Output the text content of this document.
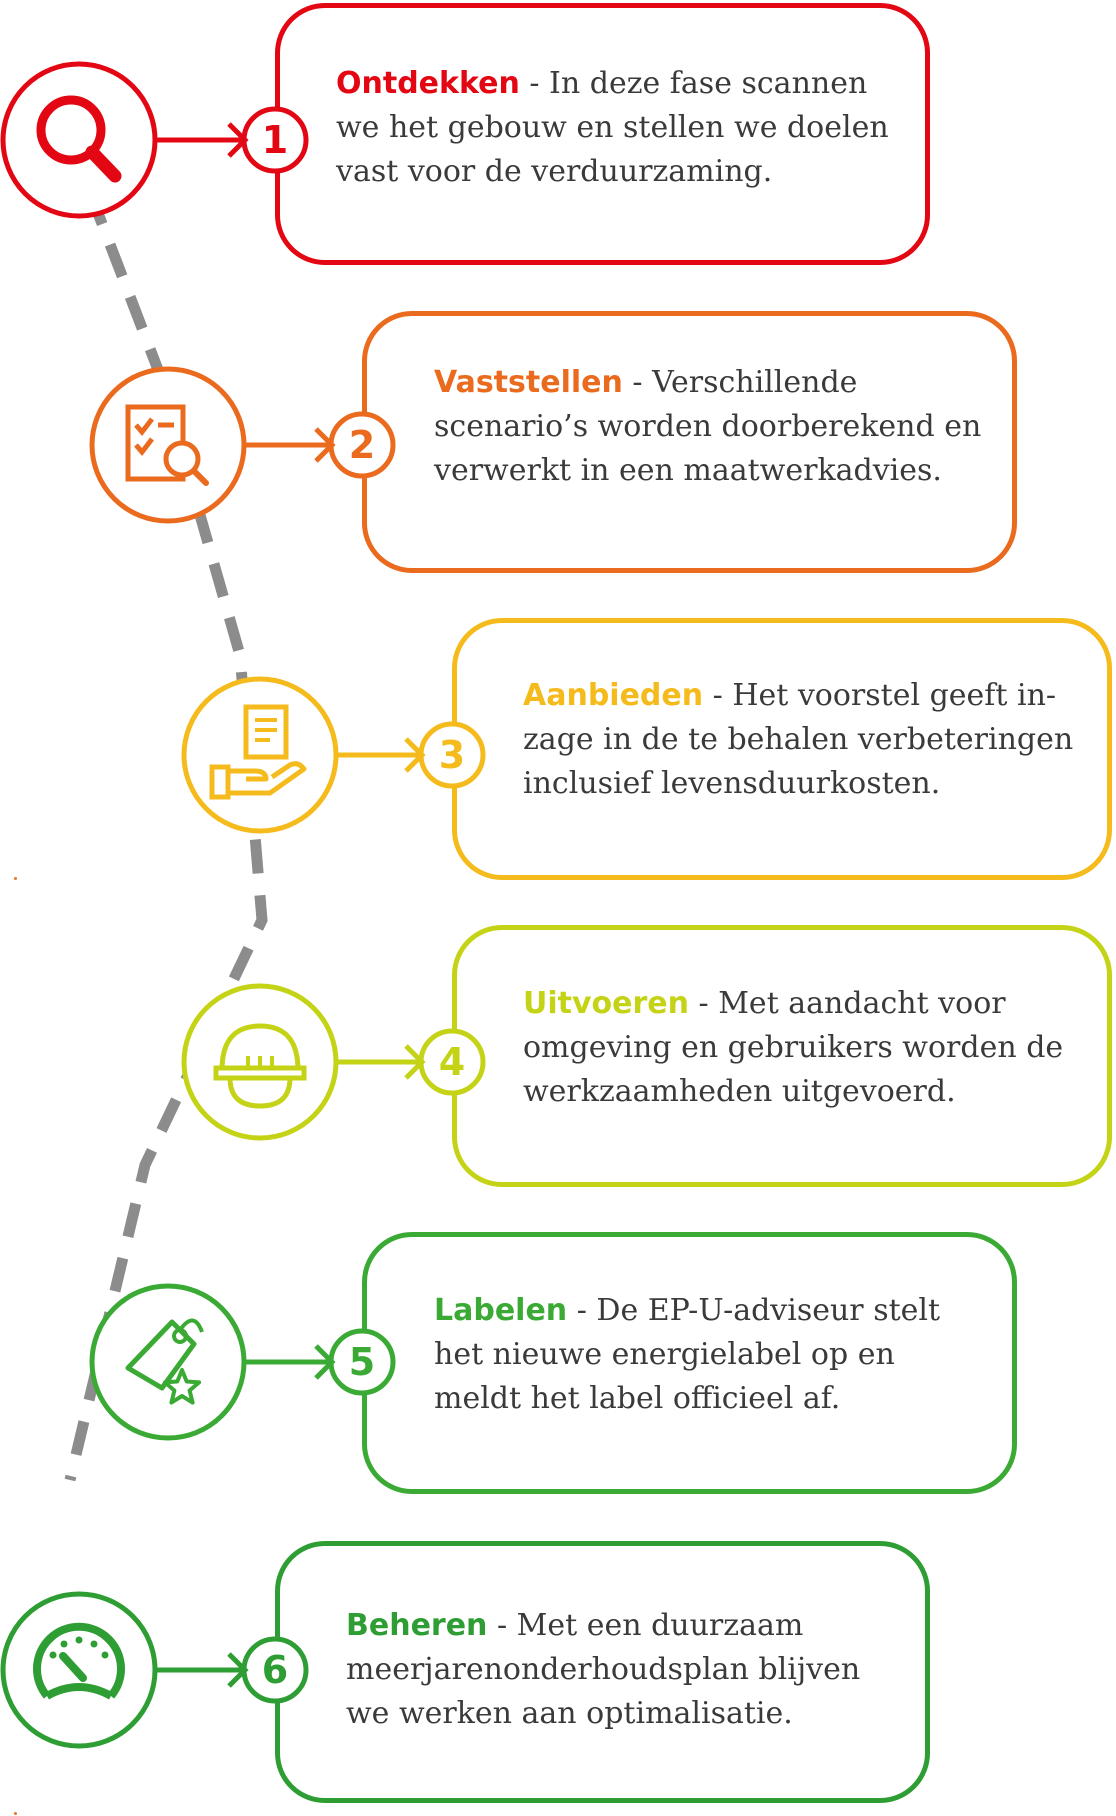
Ontdekken - In deze fase scannen
we het gebouw en stellen we doelen
vast voor de verduurzaming.

Vaststellen - Verschillende
scenario’s worden doorberekend en
verwerkt in een maatwerkadvies.

Aanbieden - Het voorstel geeft in-
zage in de te behalen verbeteringen
inclusief levensduurkosten.

Uitvoeren - Met aandacht voor
omgeving en gebruikers worden de
werkzaamheden uitgevoerd.

Labelen - De EP-U-adviseur stelt
het nieuwe energielabel op en
meldt het label officieel af.

Beheren - Met een duurzaam
meerjarenonderhoudsplan blijven
we werken aan optimalisatie.

1
2
3
4
5
6
